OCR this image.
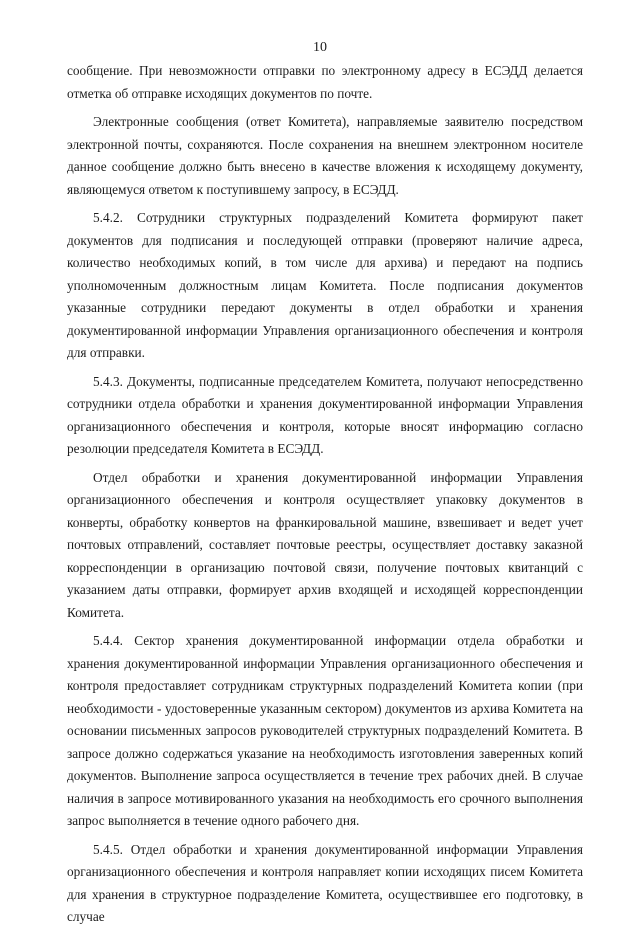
10

сообщение. При невозможности отправки по электронному адресу в ЕСЭДД делается отметка об отправке исходящих документов по почте.

Электронные сообщения (ответ Комитета), направляемые заявителю посредством электронной почты, сохраняются. После сохранения на внешнем электронном носителе данное сообщение должно быть внесено в качестве вложения к исходящему документу, являющемуся ответом к поступившему запросу, в ЕСЭДД.

5.4.2. Сотрудники структурных подразделений Комитета формируют пакет документов для подписания и последующей отправки (проверяют наличие адреса, количество необходимых копий, в том числе для архива) и передают на подпись уполномоченным должностным лицам Комитета. После подписания документов указанные сотрудники передают документы в отдел обработки и хранения документированной информации Управления организационного обеспечения и контроля для отправки.

5.4.3. Документы, подписанные председателем Комитета, получают непосредственно сотрудники отдела обработки и хранения документированной информации Управления организационного обеспечения и контроля, которые вносят информацию согласно резолюции председателя Комитета в ЕСЭДД.

Отдел обработки и хранения документированной информации Управления организационного обеспечения и контроля осуществляет упаковку документов в конверты, обработку конвертов на франкировальной машине, взвешивает и ведет учет почтовых отправлений, составляет почтовые реестры, осуществляет доставку заказной корреспонденции в организацию почтовой связи, получение почтовых квитанций с указанием даты отправки, формирует архив входящей и исходящей корреспонденции Комитета.

5.4.4. Сектор хранения документированной информации отдела обработки и хранения документированной информации Управления организационного обеспечения и контроля предоставляет сотрудникам структурных подразделений Комитета копии (при необходимости - удостоверенные указанным сектором) документов из архива Комитета на основании письменных запросов руководителей структурных подразделений Комитета. В запросе должно содержаться указание на необходимость изготовления заверенных копий документов. Выполнение запроса осуществляется в течение трех рабочих дней. В случае наличия в запросе мотивированного указания на необходимость его срочного выполнения запрос выполняется в течение одного рабочего дня.

5.4.5. Отдел обработки и хранения документированной информации Управления организационного обеспечения и контроля направляет копии исходящих писем Комитета для хранения в структурное подразделение Комитета, осуществившее его подготовку, в случае
